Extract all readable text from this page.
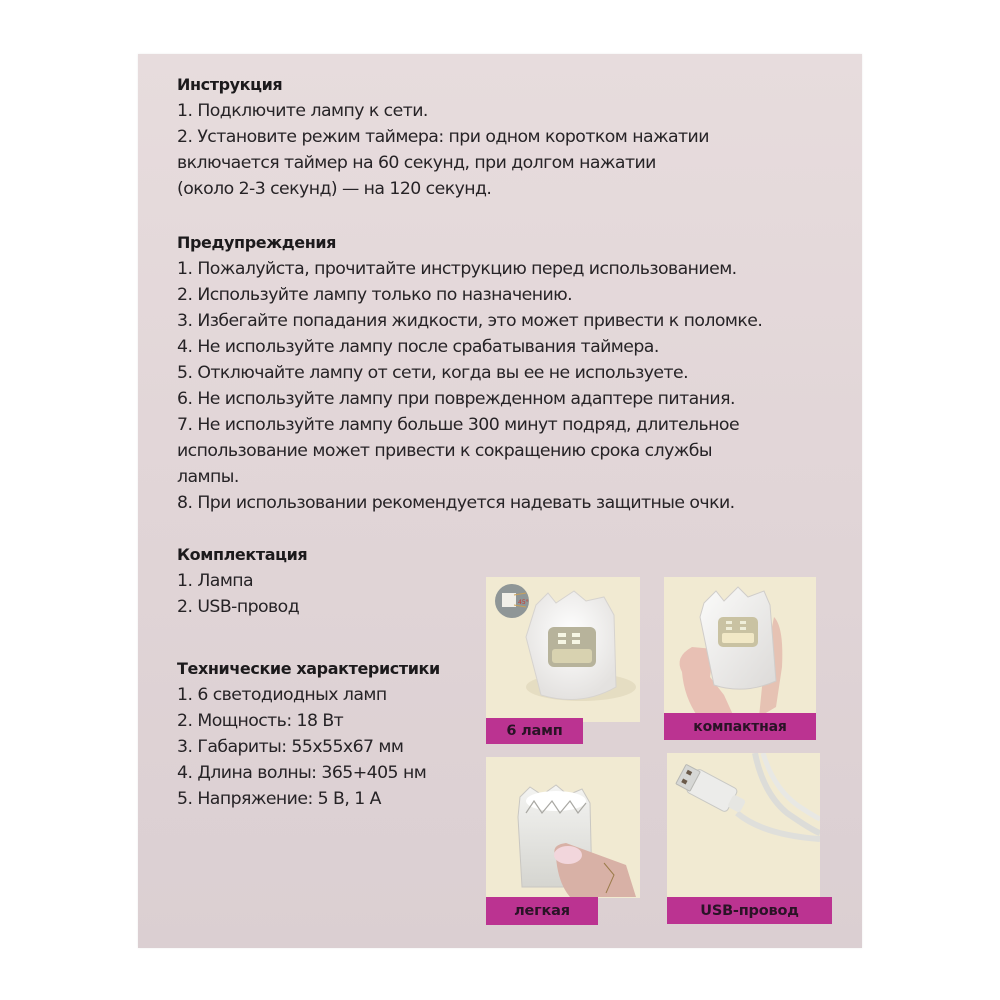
Инструкция
1. Подключите лампу к сети.
2. Установите режим таймера: при одном коротком нажатии
включается таймер на 60 секунд, при долгом нажатии
(около 2-3 секунд) — на 120 секунд.
Предупреждения
1. Пожалуйста, прочитайте инструкцию перед использованием.
2. Используйте лампу только по назначению.
3. Избегайте попадания жидкости, это может привести к поломке.
4. Не используйте лампу после срабатывания таймера.
5. Отключайте лампу от сети, когда вы ее не используете.
6. Не используйте лампу при поврежденном адаптере питания.
7. Не используйте лампу больше 300 минут подряд, длительное
использование может привести к сокращению срока службы
лампы.
8. При использовании рекомендуется надевать защитные очки.
Комплектация
1. Лампа
2. USB-провод
Технические характеристики
1. 6 светодиодных ламп
2. Мощность: 18 Вт
3. Габариты: 55x55x67 мм
4. Длина волны: 365+405 нм
5. Напряжение: 5 В, 1 А
45°
6 ламп	компактная
легкая	USB-провод
